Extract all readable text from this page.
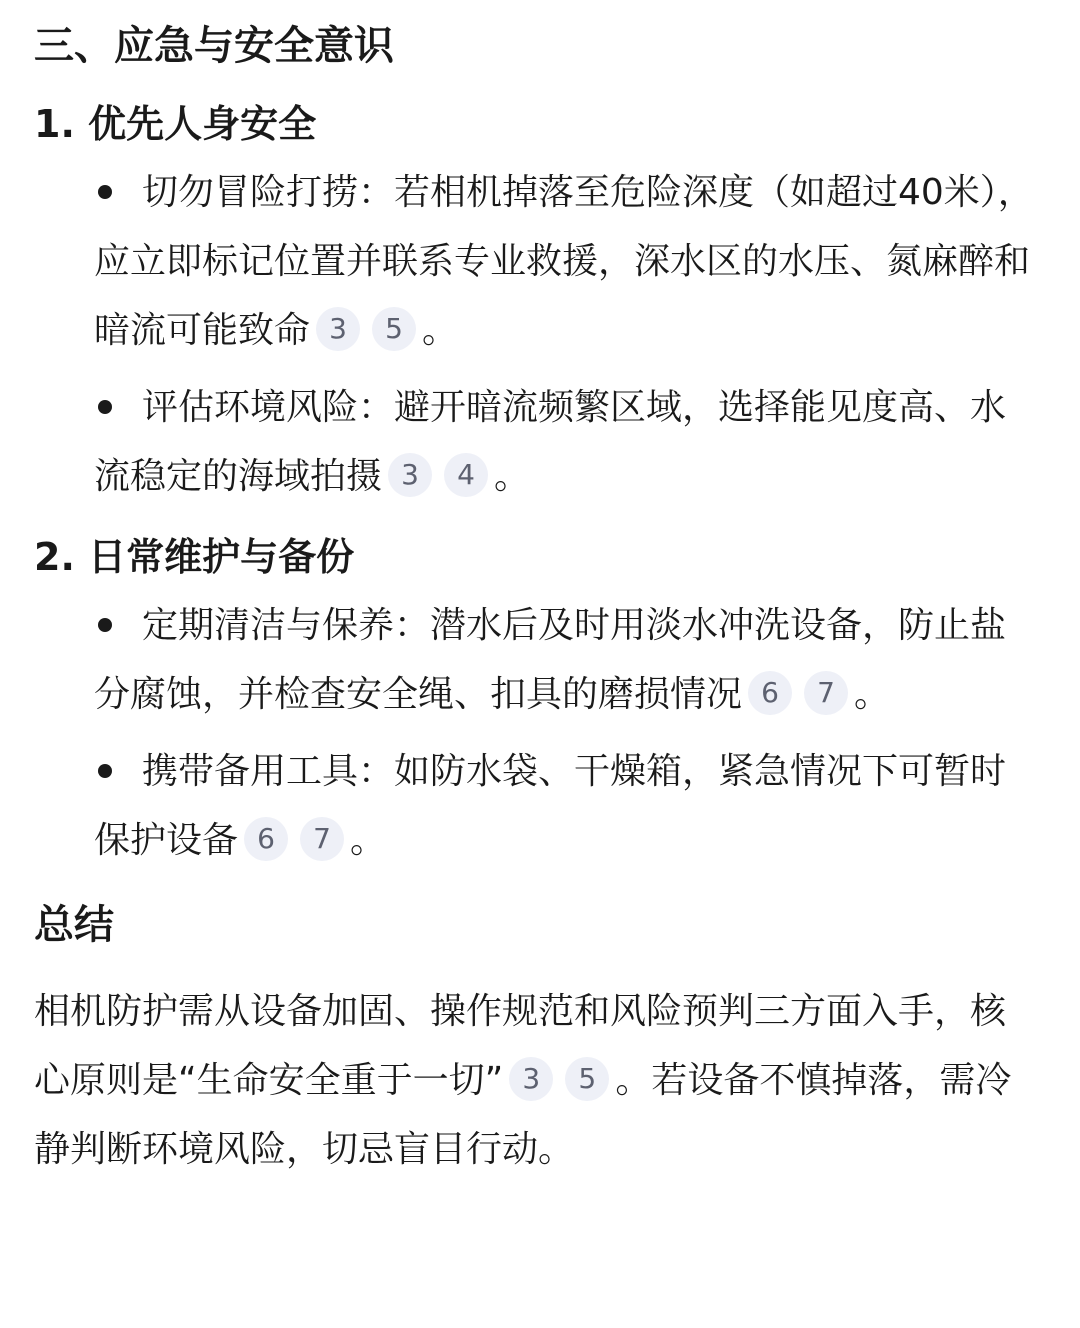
三、应急与安全意识
1. 优先人身安全
切勿冒险打捞：若相机掉落至危险深度（如超过40米），应立即标记位置并联系专业救援，深水区的水压、氮麻醉和暗流可能致命 3 5 。
评估环境风险：避开暗流频繁区域，选择能见度高、水流稳定的海域拍摄 3 4 。
2. 日常维护与备份
定期清洁与保养：潜水后及时用淡水冲洗设备，防止盐分腐蚀，并检查安全绳、扣具的磨损情况 6 7 。
携带备用工具：如防水袋、干燥箱，紧急情况下可暂时保护设备 6 7 。
总结
相机防护需从设备加固、操作规范和风险预判三方面入手，核心原则是“生命安全重于一切” 3 5 。若设备不慎掉落，需冷静判断环境风险，切忌盲目行动。
